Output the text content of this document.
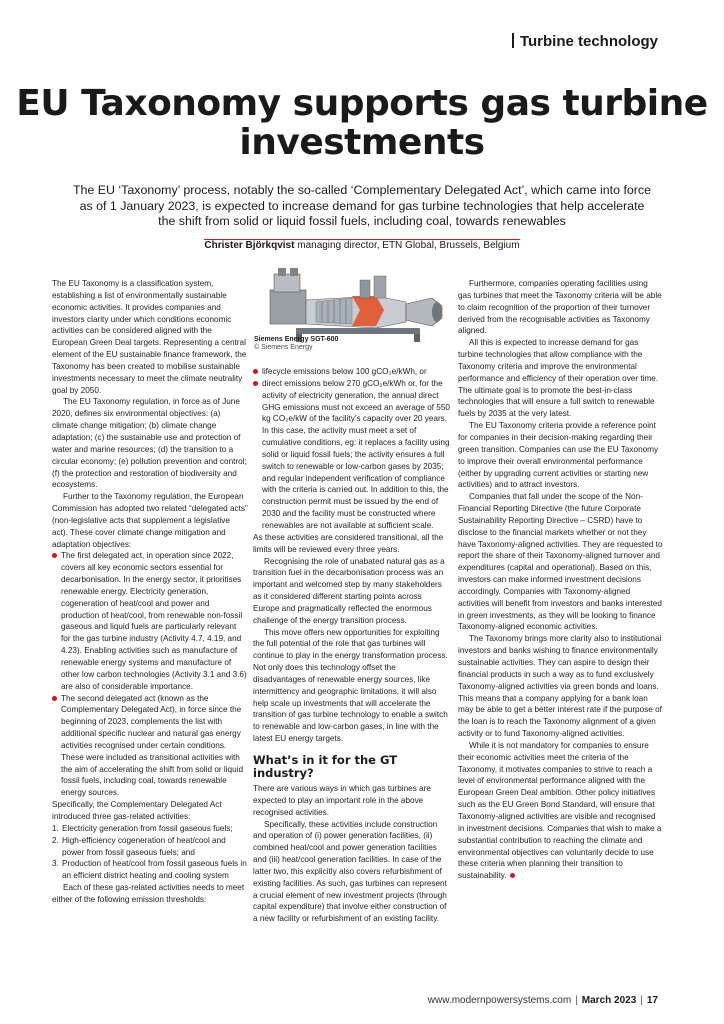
Turbine technology
EU Taxonomy supports gas turbine investments

The EU ‘Taxonomy’ process, notably the so-called ‘Complementary Delegated Act’, which came into force as of 1 January 2023, is expected to increase demand for gas turbine technologies that help accelerate the shift from solid or liquid fossil fuels, including coal, towards renewables

Christer Björkqvist managing director, ETN Global, Brussels, Belgium

The EU Taxonomy is a classification system, establishing a list of environmentally sustainable economic activities. It provides companies and investors clarity under which conditions economic activities can be considered aligned with the European Green Deal targets. Representing a central element of the EU sustainable finance framework, the Taxonomy has been created to mobilise sustainable investments necessary to meet the climate neutrality goal by 2050.

The EU Taxonomy regulation, in force as of June 2020, defines six environmental objectives: (a) climate change mitigation; (b) climate change adaptation; (c) the sustainable use and protection of water and marine resources; (d) the transition to a circular economy; (e) pollution prevention and control; (f) the protection and restoration of biodiversity and ecosystems.

Further to the Taxonomy regulation, the European Commission has adopted two related “delegated acts” (non-legislative acts that supplement a legislative act). These cover climate change mitigation and adaptation objectives:

The first delegated act, in operation since 2022, covers all key economic sectors essential for decarbonisation. In the energy sector, it prioritises renewable energy. Electricity generation, cogeneration of heat/cool and power and production of heat/cool, from renewable non-fossil gaseous and liquid fuels are particularly relevant for the gas turbine industry (Activity 4.7, 4.19, and 4.23). Enabling activities such as manufacture of renewable energy systems and manufacture of other low carbon technologies (Activity 3.1 and 3.6) are also of considerable importance.
The second delegated act (known as the Complementary Delegated Act), in force since the beginning of 2023, complements the list with additional specific nuclear and natural gas energy activities recognised under certain conditions. These were included as transitional activities with the aim of accelerating the shift from solid or liquid fossil fuels, including coal, towards renewable energy sources.

Specifically, the Complementary Delegated Act introduced three gas-related activities:

1. Electricity generation from fossil gaseous fuels;
2. High-efficiency cogeneration of heat/cool and power from fossil gaseous fuels; and
3. Production of heat/cool from fossil gaseous fuels in an efficient district heating and cooling system

Each of these gas-related activities needs to meet either of the following emission thresholds:

Siemens Energy SGT-600
© Siemens Energy
lifecycle emissions below 100 gCO₂e/kWh, or
direct emissions below 270 gCO₂e/kWh or, for the activity of electricity generation, the annual direct GHG emissions must not exceed an average of 550 kg CO₂e/kW of the facility’s capacity over 20 years. In this case, the activity must meet a set of cumulative conditions, eg: it replaces a facility using solid or liquid fossil fuels; the activity ensures a full switch to renewable or low-carbon gases by 2035; and regular independent verification of compliance with the criteria is carried out. In addition to this, the construction permit must be issued by the end of 2030 and the facility must be constructed where renewables are not available at sufficient scale.

As these activities are considered transitional, all the limits will be reviewed every three years.

Recognising the role of unabated natural gas as a transition fuel in the decarbonisation process was an important and welcomed step by many stakeholders as it considered different starting points across Europe and pragmatically reflected the enormous challenge of the energy transition process.

This move offers new opportunities for exploiting the full potential of the role that gas turbines will continue to play in the energy transformation process. Not only does this technology offset the disadvantages of renewable energy sources, like intermittency and geographic limitations, it will also help scale up investments that will accelerate the transition of gas turbine technology to enable a switch to renewable and low-carbon gases, in line with the latest EU energy targets.

What’s in it for the GT industry?

There are various ways in which gas turbines are expected to play an important role in the above recognised activities.

Specifically, these activities include construction and operation of (i) power generation facilities, (ii) combined heat/cool and power generation facilities and (iii) heat/cool generation facilities. In case of the latter two, this explicitly also covers refurbishment of existing facilities. As such, gas turbines can represent a crucial element of new investment projects (through capital expenditure) that involve either construction of a new facility or refurbishment of an existing facility.

Furthermore, companies operating facilities using gas turbines that meet the Taxonomy criteria will be able to claim recognition of the proportion of their turnover derived from the recognisable activities as Taxonomy aligned.

All this is expected to increase demand for gas turbine technologies that allow compliance with the Taxonomy criteria and improve the environmental performance and efficiency of their operation over time. The ultimate goal is to promote the best-in-class technologies that will ensure a full switch to renewable fuels by 2035 at the very latest.

The EU Taxonomy criteria provide a reference point for companies in their decision-making regarding their green transition. Companies can use the EU Taxonomy to improve their overall environmental performance (either by upgrading current activities or starting new activities) and to attract investors.

Companies that fall under the scope of the Non-Financial Reporting Directive (the future Corporate Sustainability Reporting Directive – CSRD) have to disclose to the financial markets whether or not they have Taxonomy-aligned activities. They are requested to report the share of their Taxonomy-aligned turnover and expenditures (capital and operational). Based on this, investors can make informed investment decisions accordingly. Companies with Taxonomy-aligned activities will benefit from investors and banks interested in green investments, as they will be looking to finance Taxonomy-aligned economic activities.

The Taxonomy brings more clarity also to institutional investors and banks wishing to finance environmentally sustainable activities. They can aspire to design their financial products in such a way as to fund exclusively Taxonomy-aligned activities via green bonds and loans. This means that a company applying for a bank loan may be able to get a better interest rate if the purpose of the loan is to reach the Taxonomy alignment of a given activity or to fund Taxonomy-aligned activities.

While it is not mandatory for companies to ensure their economic activities meet the criteria of the Taxonomy, it motivates companies to strive to reach a level of environmental performance aligned with the European Green Deal ambition. Other policy initiatives such as the EU Green Bond Standard, will ensure that Taxonomy-aligned activities are visible and recognised in investment decisions. Companies that wish to make a substantial contribution to reaching the climate and environmental objectives can voluntarily decide to use these criteria when planning their transition to sustainability.

www.modernpowersystems.com | March 2023 | 17
